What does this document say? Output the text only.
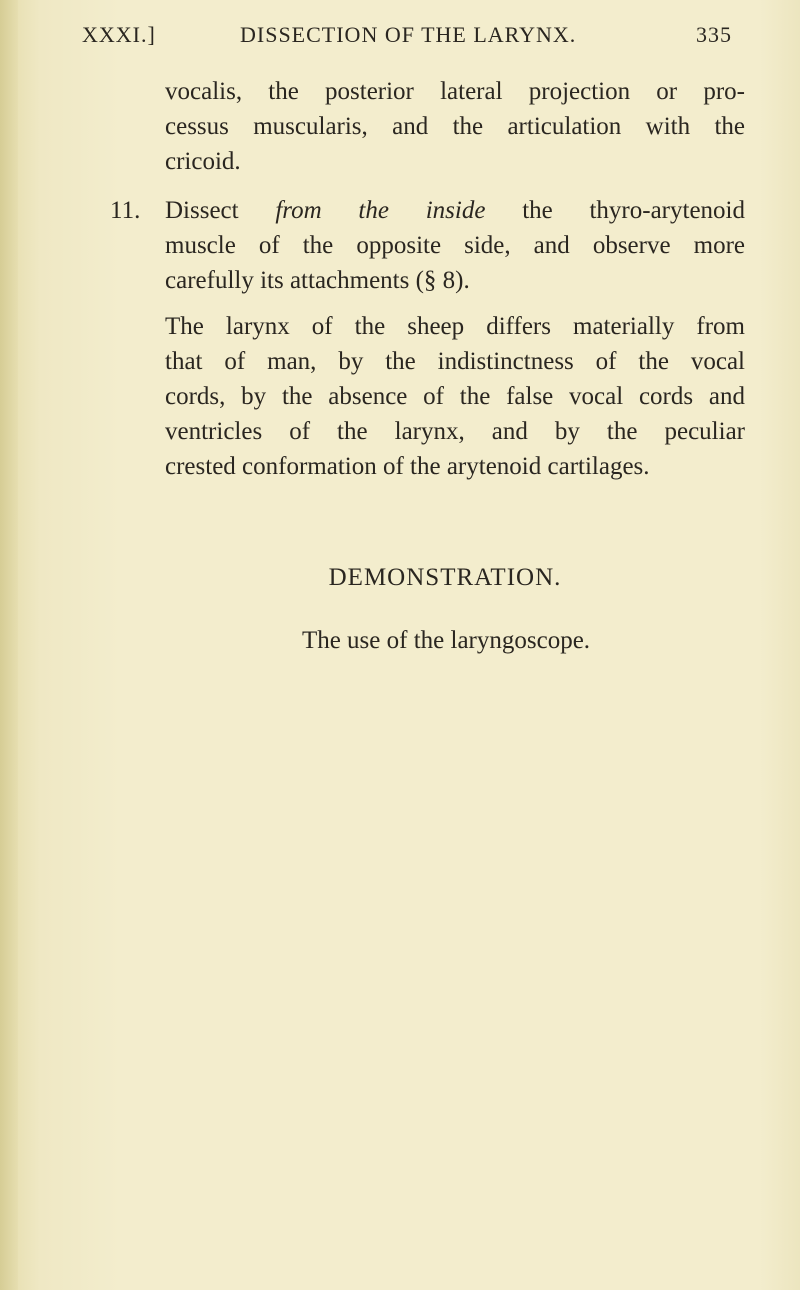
XXXI.]	DISSECTION OF THE LARYNX.	335
vocalis, the posterior lateral projection or pro-
cessus muscularis, and the articulation with the
cricoid.
11. Dissect from the inside the thyro-arytenoid
muscle of the opposite side, and observe more
carefully its attachments (§ 8).
The larynx of the sheep differs materially from
that of man, by the indistinctness of the vocal
cords, by the absence of the false vocal cords and
ventricles of the larynx, and by the peculiar
crested conformation of the arytenoid cartilages.
DEMONSTRATION.
The use of the laryngoscope.
